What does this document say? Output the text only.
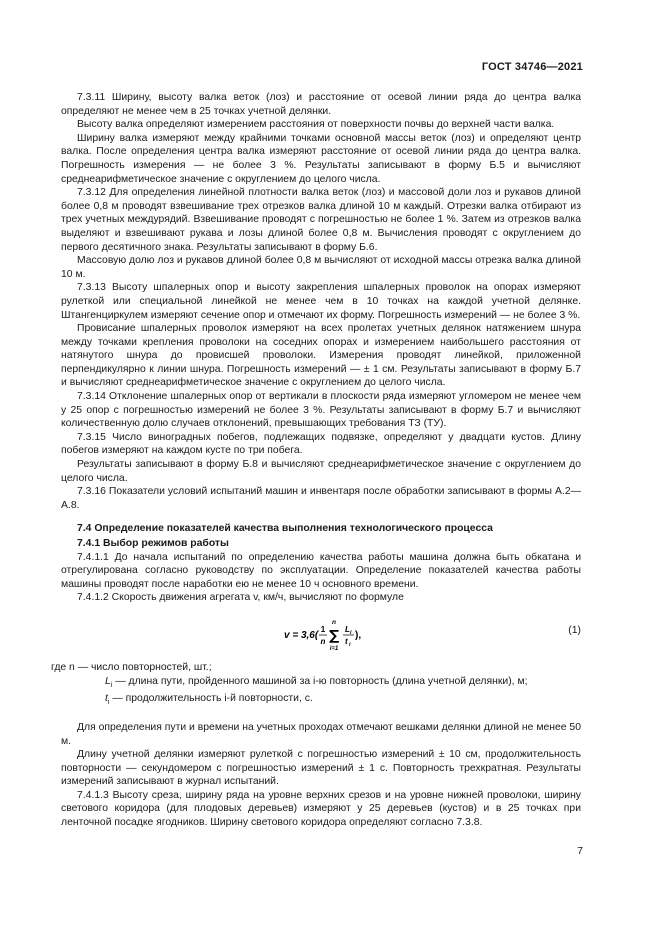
ГОСТ 34746—2021

7.3.11 Ширину, высоту валка веток (лоз) и расстояние от осевой линии ряда до центра валка определяют не менее чем в 25 точках учетной делянки.

Высоту валка определяют измерением расстояния от поверхности почвы до верхней части валка.

Ширину валка измеряют между крайними точками основной массы веток (лоз) и определяют центр валка. После определения центра валка измеряют расстояние от осевой линии ряда до центра валка. Погрешность измерения — не более 3 %. Результаты записывают в форму Б.5 и вычисляют среднеарифметическое значение с округлением до целого числа.

7.3.12 Для определения линейной плотности валка веток (лоз) и массовой доли лоз и рукавов длиной более 0,8 м проводят взвешивание трех отрезков валка длиной 10 м каждый. Отрезки валка отбирают из трех учетных междурядий. Взвешивание проводят с погрешностью не более 1 %. Затем из отрезков валка выделяют и взвешивают рукава и лозы длиной более 0,8 м. Вычисления проводят с округлением до первого десятичного знака. Результаты записывают в форму Б.6.

Массовую долю лоз и рукавов длиной более 0,8 м вычисляют от исходной массы отрезка валка длиной 10 м.

7.3.13 Высоту шпалерных опор и высоту закрепления шпалерных проволок на опорах измеряют рулеткой или специальной линейкой не менее чем в 10 точках на каждой учетной делянке. Штангенциркулем измеряют сечение опор и отмечают их форму. Погрешность измерений — не более 3 %.

Провисание шпалерных проволок измеряют на всех пролетах учетных делянок натяжением шнура между точками крепления проволоки на соседних опорах и измерением наибольшего расстояния от натянутого шнура до провисшей проволоки. Измерения проводят линейкой, приложенной перпендикулярно к линии шнура. Погрешность измерений — ± 1 см. Результаты записывают в форму Б.7 и вычисляют среднеарифметическое значение с округлением до целого числа.

7.3.14 Отклонение шпалерных опор от вертикали в плоскости ряда измеряют угломером не менее чем у 25 опор с погрешностью измерений не более 3 %. Результаты записывают в форму Б.7 и вычисляют количественную долю случаев отклонений, превышающих требования ТЗ (ТУ).

7.3.15 Число виноградных побегов, подлежащих подвязке, определяют у двадцати кустов. Длину побегов измеряют на каждом кусте по три побега.

Результаты записывают в форму Б.8 и вычисляют среднеарифметическое значение с округлением до целого числа.

7.3.16 Показатели условий испытаний машин и инвентаря после обработки записывают в формы А.2—А.8.

7.4 Определение показателей качества выполнения технологического процесса
7.4.1 Выбор режимов работы

7.4.1.1 До начала испытаний по определению качества работы машина должна быть обкатана и отрегулирована согласно руководству по эксплуатации. Определение показателей качества работы машины проводят после наработки ею не менее 10 ч основного времени.

7.4.1.2 Скорость движения агрегата v, км/ч, вычисляют по формуле

v = 3,6(
1
n
n
∑
i=1
L i
t i
),	(1)
где n — число повторностей, шт.;
$L_i$ — длина пути, пройденного машиной за i-ю повторность (длина учетной делянки), м;
$t_i$ — продолжительность i-й повторности, с.

Для определения пути и времени на учетных проходах отмечают вешками делянки длиной не менее 50 м.

Длину учетной делянки измеряют рулеткой с погрешностью измерений ± 10 см, продолжительность повторности — секундомером с погрешностью измерений ± 1 с. Повторность трехкратная. Результаты измерений записывают в журнал испытаний.

7.4.1.3 Высоту среза, ширину ряда на уровне верхних срезов и на уровне нижней проволоки, ширину светового коридора (для плодовых деревьев) измеряют у 25 деревьев (кустов) и в 25 точках при ленточной посадке ягодников. Ширину светового коридора определяют согласно 7.3.8.

7
